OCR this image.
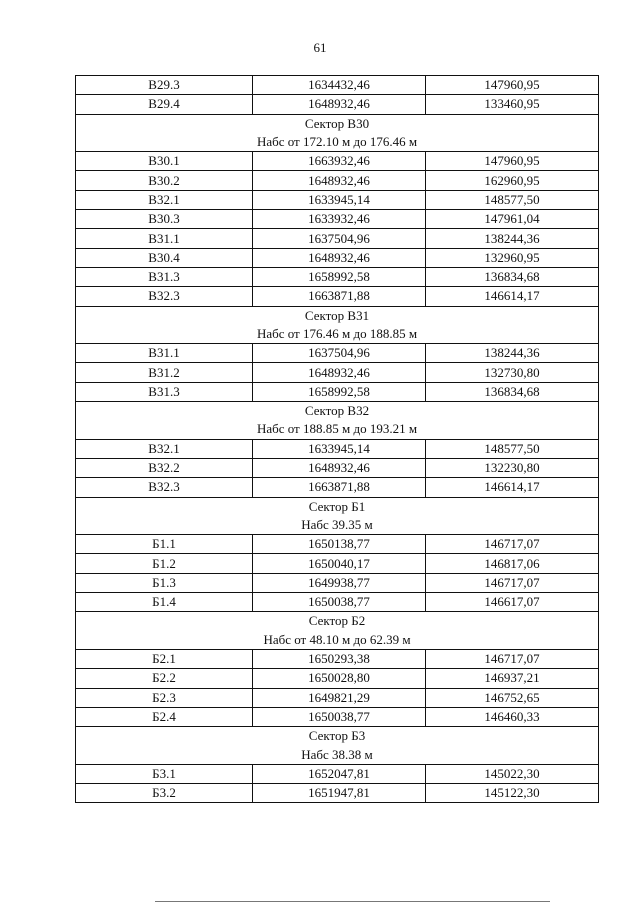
61
В29.3	1634432,46	147960,95
В29.4	1648932,46	133460,95
Сектор В30		
Набс от 172.10 м до 176.46 м		
В30.1	1663932,46	147960,95
В30.2	1648932,46	162960,95
В32.1	1633945,14	148577,50
В30.3	1633932,46	147961,04
В31.1	1637504,96	138244,36
В30.4	1648932,46	132960,95
В31.3	1658992,58	136834,68
В32.3	1663871,88	146614,17
Сектор В31		
Набс от 176.46 м до 188.85 м		
В31.1	1637504,96	138244,36
В31.2	1648932,46	132730,80
В31.3	1658992,58	136834,68
Сектор В32		
Набс от 188.85 м до 193.21 м		
В32.1	1633945,14	148577,50
В32.2	1648932,46	132230,80
В32.3	1663871,88	146614,17
Сектор Б1		
Набс 39.35 м		
Б1.1	1650138,77	146717,07
Б1.2	1650040,17	146817,06
Б1.3	1649938,77	146717,07
Б1.4	1650038,77	146617,07
Сектор Б2		
Набс от 48.10 м до 62.39 м		
Б2.1	1650293,38	146717,07
Б2.2	1650028,80	146937,21
Б2.3	1649821,29	146752,65
Б2.4	1650038,77	146460,33
Сектор Б3		
Набс 38.38 м		
Б3.1	1652047,81	145022,30
Б3.2	1651947,81	145122,30
